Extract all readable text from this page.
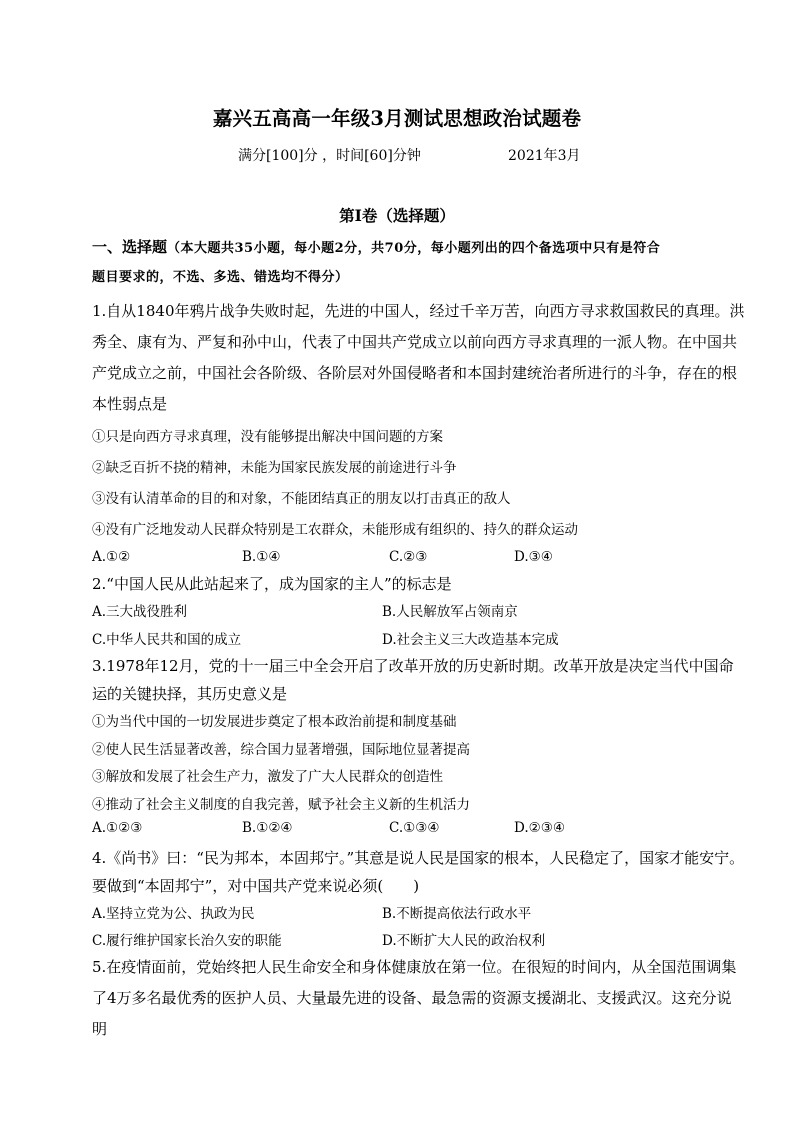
嘉兴五高高一年级3月测试思想政治试题卷
满分[100]分 ，时间[60]分钟	2021年3月
第Ⅰ卷（选择题）
一、选择题（本大题共35小题，每小题2分，共70分，每小题列出的四个备选项中只有是符合
题目要求的，不选、多选、错选均不得分）
1.自从1840年鸦片战争失败时起，先进的中国人，经过千辛万苦，向西方寻求救国救民的真理。洪
秀全、康有为、严复和孙中山，代表了中国共产党成立以前向西方寻求真理的一派人物。在中国共
产党成立之前，中国社会各阶级、各阶层对外国侵略者和本国封建统治者所进行的斗争，存在的根
本性弱点是
①只是向西方寻求真理，没有能够提出解决中国问题的方案
②缺乏百折不挠的精神，未能为国家民族发展的前途进行斗争
③没有认清革命的目的和对象，不能团结真正的朋友以打击真正的敌人
④没有广泛地发动人民群众特别是工农群众，未能形成有组织的、持久的群众运动
A.①②	B.①④	C.②③	D.③④
2.“中国人民从此站起来了，成为国家的主人”的标志是
A.三大战役胜利	B.人民解放军占领南京
C.中华人民共和国的成立	D.社会主义三大改造基本完成
3.1978年12月，党的十一届三中全会开启了改革开放的历史新时期。改革开放是决定当代中国命
运的关键抉择，其历史意义是
①为当代中国的一切发展进步奠定了根本政治前提和制度基础
②使人民生活显著改善，综合国力显著增强，国际地位显著提高
③解放和发展了社会生产力，激发了广大人民群众的创造性
④推动了社会主义制度的自我完善，赋予社会主义新的生机活力
A.①②③	B.①②④	C.①③④	D.②③④
4.《尚书》曰：“民为邦本，本固邦宁。”其意是说人民是国家的根本，人民稳定了，国家才能安宁。
要做到“本固邦宁”，对中国共产党来说必须(　　)
A.坚持立党为公、执政为民	B.不断提高依法行政水平
C.履行维护国家长治久安的职能	D.不断扩大人民的政治权利
5.在疫情面前，党始终把人民生命安全和身体健康放在第一位。在很短的时间内，从全国范围调集
了4万多名最优秀的医护人员、大量最先进的设备、最急需的资源支援湖北、支援武汉。这充分说
明
